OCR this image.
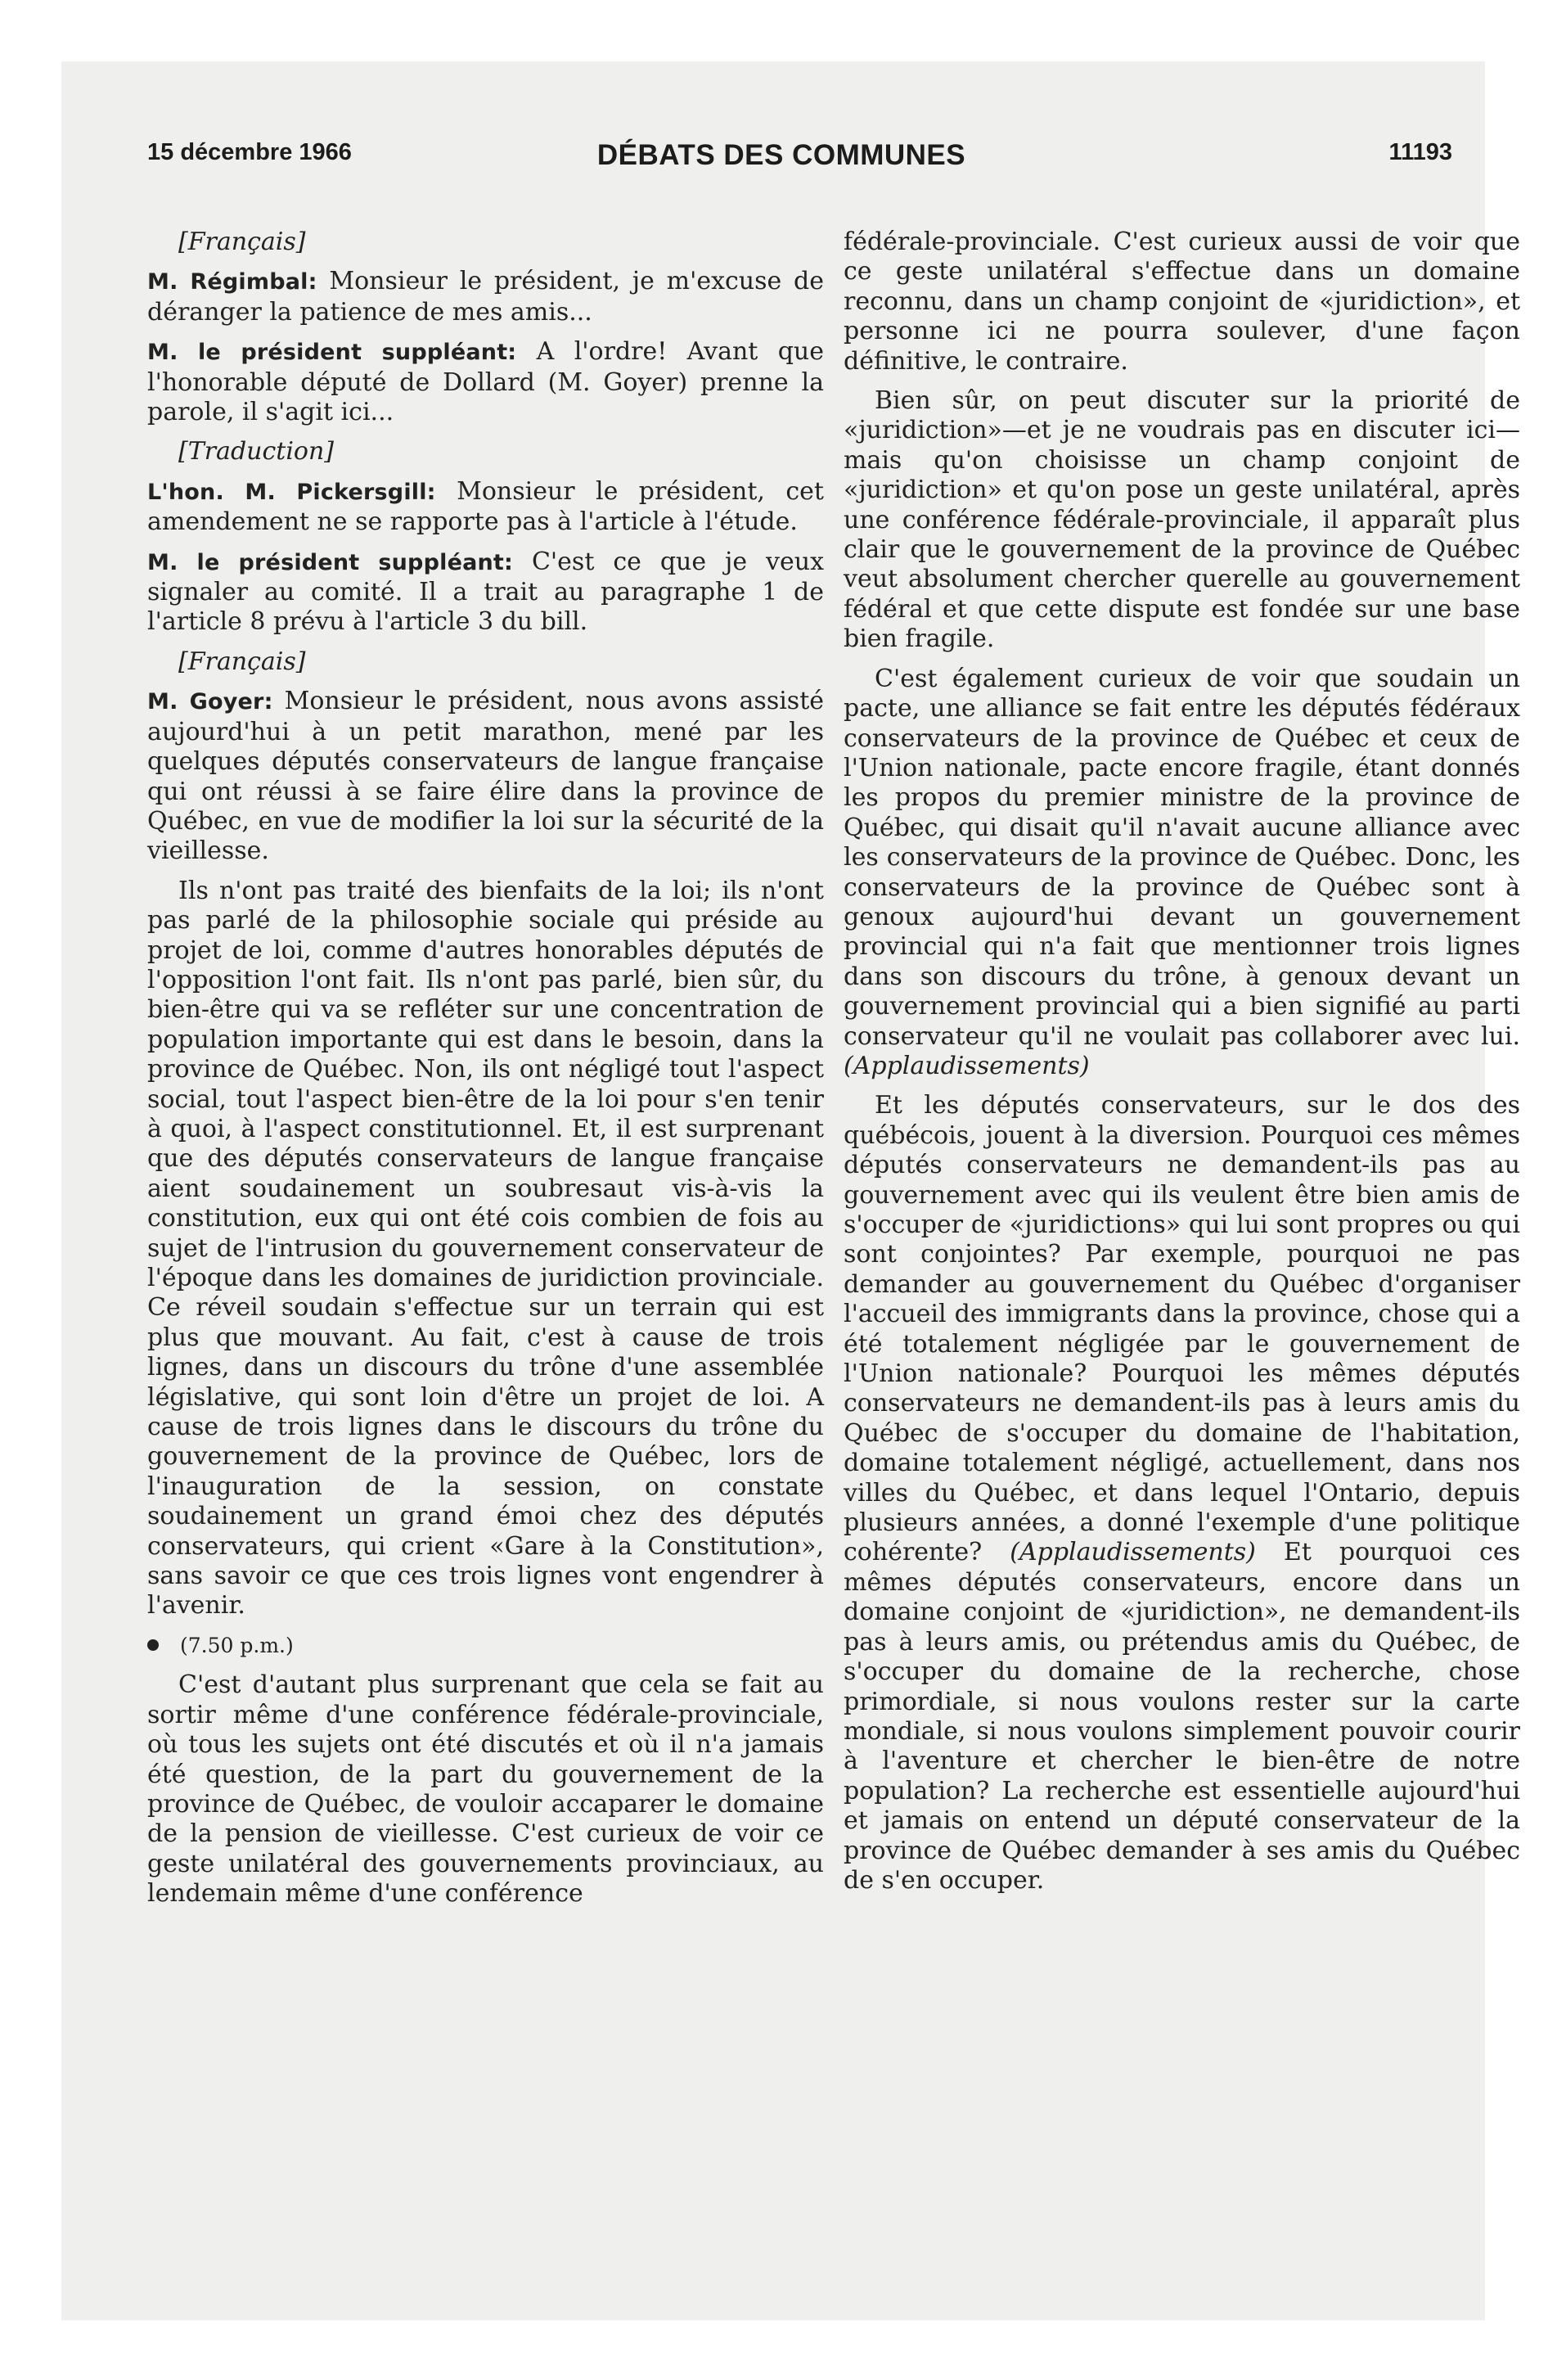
15 décembre 1966	DÉBATS DES COMMUNES	11193

[Français]

M. Régimbal: Monsieur le président, je m'excuse de déranger la patience de mes amis...

M. le président suppléant: A l'ordre! Avant que l'honorable député de Dollard (M. Goyer) prenne la parole, il s'agit ici...

[Traduction]

L'hon. M. Pickersgill: Monsieur le président, cet amendement ne se rapporte pas à l'article à l'étude.

M. le président suppléant: C'est ce que je veux signaler au comité. Il a trait au paragraphe 1 de l'article 8 prévu à l'article 3 du bill.

[Français]

M. Goyer: Monsieur le président, nous avons assisté aujourd'hui à un petit marathon, mené par les quelques députés conservateurs de langue française qui ont réussi à se faire élire dans la province de Québec, en vue de modifier la loi sur la sécurité de la vieillesse.

Ils n'ont pas traité des bienfaits de la loi; ils n'ont pas parlé de la philosophie sociale qui préside au projet de loi, comme d'autres honorables députés de l'opposition l'ont fait. Ils n'ont pas parlé, bien sûr, du bien-être qui va se refléter sur une concentration de population importante qui est dans le besoin, dans la province de Québec. Non, ils ont négligé tout l'aspect social, tout l'aspect bien-être de la loi pour s'en tenir à quoi, à l'aspect constitutionnel. Et, il est surprenant que des députés conservateurs de langue française aient soudainement un soubresaut vis-à-vis la constitution, eux qui ont été cois combien de fois au sujet de l'intrusion du gouvernement conservateur de l'époque dans les domaines de juridiction provinciale. Ce réveil soudain s'effectue sur un terrain qui est plus que mouvant. Au fait, c'est à cause de trois lignes, dans un discours du trône d'une assemblée législative, qui sont loin d'être un projet de loi. A cause de trois lignes dans le discours du trône du gouvernement de la province de Québec, lors de l'inauguration de la session, on constate soudainement un grand émoi chez des députés conservateurs, qui crient «Gare à la Constitution», sans savoir ce que ces trois lignes vont engendrer à l'avenir.

(7.50 p.m.)

C'est d'autant plus surprenant que cela se fait au sortir même d'une conférence fédérale-provinciale, où tous les sujets ont été discutés et où il n'a jamais été question, de la part du gouvernement de la province de Québec, de vouloir accaparer le domaine de la pension de vieillesse. C'est curieux de voir ce geste unilatéral des gouvernements provinciaux, au lendemain même d'une conférence

fédérale-provinciale. C'est curieux aussi de voir que ce geste unilatéral s'effectue dans un domaine reconnu, dans un champ conjoint de «juridiction», et personne ici ne pourra soulever, d'une façon définitive, le contraire.

Bien sûr, on peut discuter sur la priorité de «juridiction»—et je ne voudrais pas en discuter ici—mais qu'on choisisse un champ conjoint de «juridiction» et qu'on pose un geste unilatéral, après une conférence fédérale-provinciale, il apparaît plus clair que le gouvernement de la province de Québec veut absolument chercher querelle au gouvernement fédéral et que cette dispute est fondée sur une base bien fragile.

C'est également curieux de voir que soudain un pacte, une alliance se fait entre les députés fédéraux conservateurs de la province de Québec et ceux de l'Union nationale, pacte encore fragile, étant donnés les propos du premier ministre de la province de Québec, qui disait qu'il n'avait aucune alliance avec les conservateurs de la province de Québec. Donc, les conservateurs de la province de Québec sont à genoux aujourd'hui devant un gouvernement provincial qui n'a fait que mentionner trois lignes dans son discours du trône, à genoux devant un gouvernement provincial qui a bien signifié au parti conservateur qu'il ne voulait pas collaborer avec lui. (Applaudissements)

Et les députés conservateurs, sur le dos des québécois, jouent à la diversion. Pourquoi ces mêmes députés conservateurs ne demandent-ils pas au gouvernement avec qui ils veulent être bien amis de s'occuper de «juridictions» qui lui sont propres ou qui sont conjointes? Par exemple, pourquoi ne pas demander au gouvernement du Québec d'organiser l'accueil des immigrants dans la province, chose qui a été totalement négligée par le gouvernement de l'Union nationale? Pourquoi les mêmes députés conservateurs ne demandent-ils pas à leurs amis du Québec de s'occuper du domaine de l'habitation, domaine totalement négligé, actuellement, dans nos villes du Québec, et dans lequel l'Ontario, depuis plusieurs années, a donné l'exemple d'une politique cohérente? (Applaudissements) Et pourquoi ces mêmes députés conservateurs, encore dans un domaine conjoint de «juridiction», ne demandent-ils pas à leurs amis, ou prétendus amis du Québec, de s'occuper du domaine de la recherche, chose primordiale, si nous voulons rester sur la carte mondiale, si nous voulons simplement pouvoir courir à l'aventure et chercher le bien-être de notre population? La recherche est essentielle aujourd'hui et jamais on entend un député conservateur de la province de Québec demander à ses amis du Québec de s'en occuper.
